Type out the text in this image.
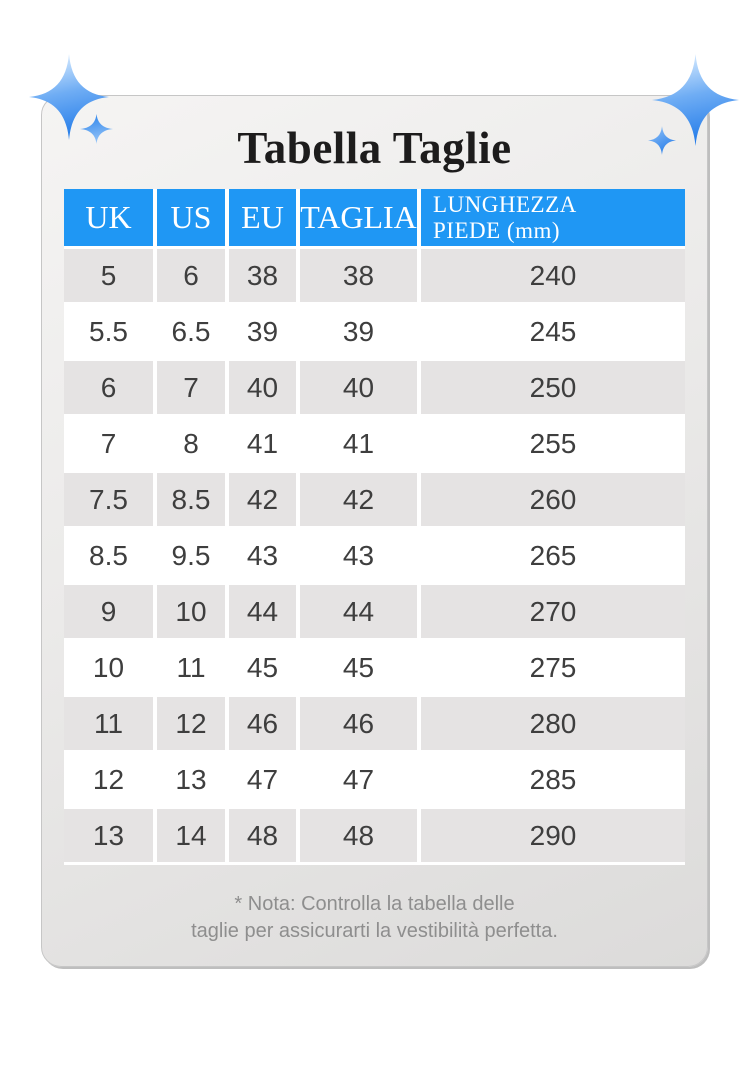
Tabella Taglie
UK	US	EU	TAGLIA	LUNGHEZZA
PIEDE (mm)
5	6	38	38	240
5.5	6.5	39	39	245
6	7	40	40	250
7	8	41	41	255
7.5	8.5	42	42	260
8.5	9.5	43	43	265
9	10	44	44	270
10	11	45	45	275
11	12	46	46	280
12	13	47	47	285
13	14	48	48	290
* Nota: Controlla la tabella delle
taglie per assicurarti la vestibilità perfetta.
